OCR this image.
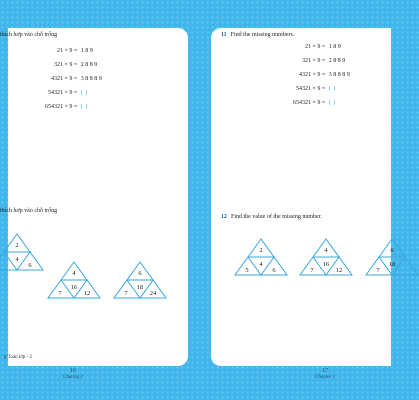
thích hợp vào chỗ trống
21 × 9 = 1 8 9
321 × 9 = 2 8 8 9
4321 × 9 = 3 8 8 8 9
54321 × 9 = ( )
654321 × 9 = ( )
thích hợp vào chỗ trống
2
4
6
4
16
7	12
6
18
7	24
g Toán lớp - 2
16
Chương 1
11 Find the missing numbers.
21 × 9 = 1 8 9
321 × 9 = 2 8 8 9
4321 × 9 = 3 8 8 8 9
54321 × 9 = ( )
654321 × 9 = ( )
12 Find the value of the missing number.
2
4
5	6
4
16
7	12
6
18
7
17
Chapter 1
